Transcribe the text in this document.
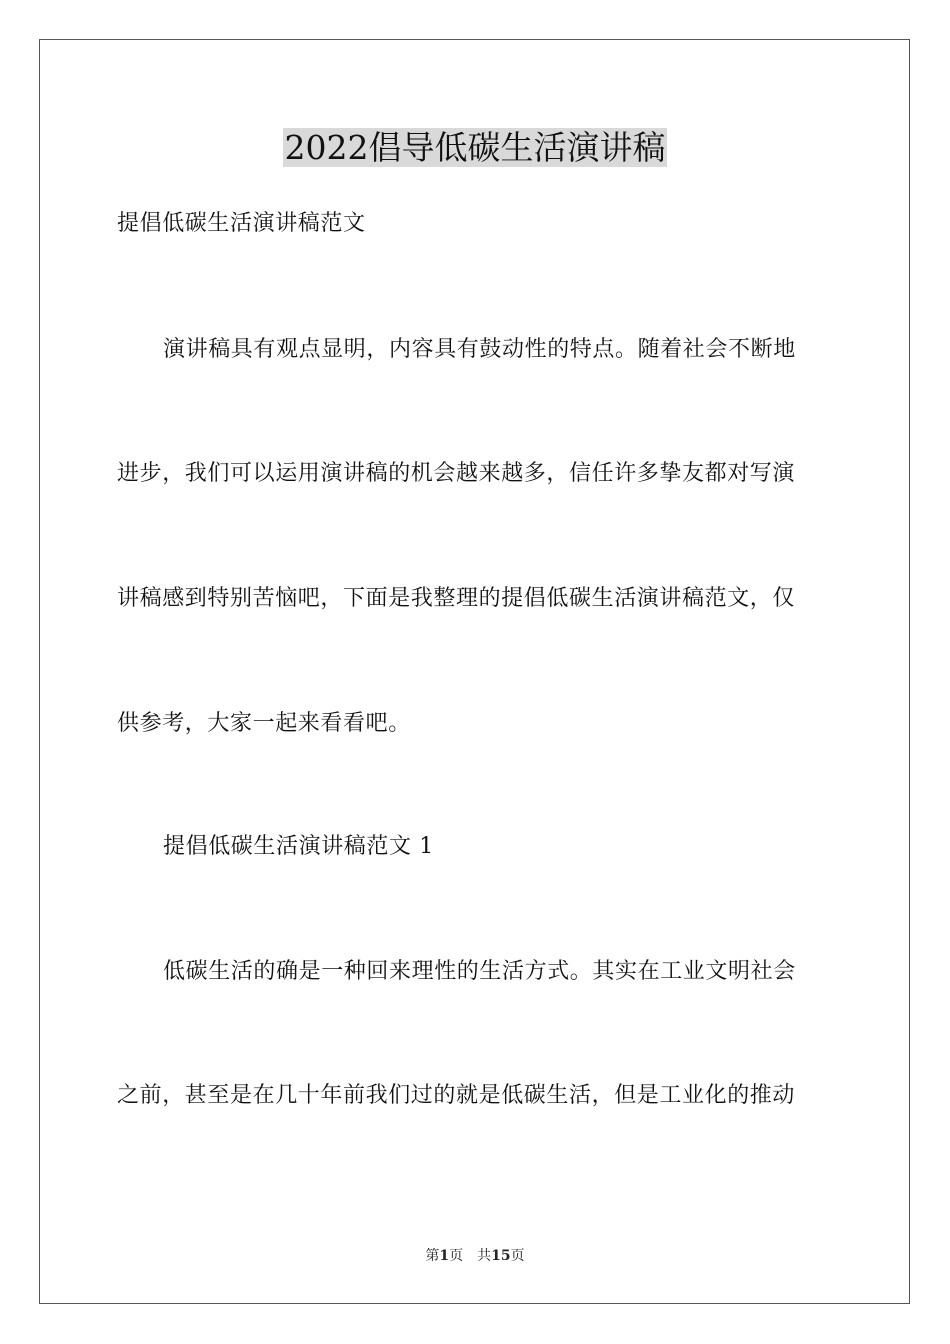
2022倡导低碳生活演讲稿
提倡低碳生活演讲稿范文
演讲稿具有观点显明，内容具有鼓动性的特点。随着社会不断地
进步，我们可以运用演讲稿的机会越来越多，信任许多挚友都对写演
讲稿感到特别苦恼吧，下面是我整理的提倡低碳生活演讲稿范文，仅
供参考，大家一起来看看吧。
提倡低碳生活演讲稿范文 1
低碳生活的确是一种回来理性的生活方式。其实在工业文明社会
之前，甚至是在几十年前我们过的就是低碳生活，但是工业化的推动
第1页 共15页
